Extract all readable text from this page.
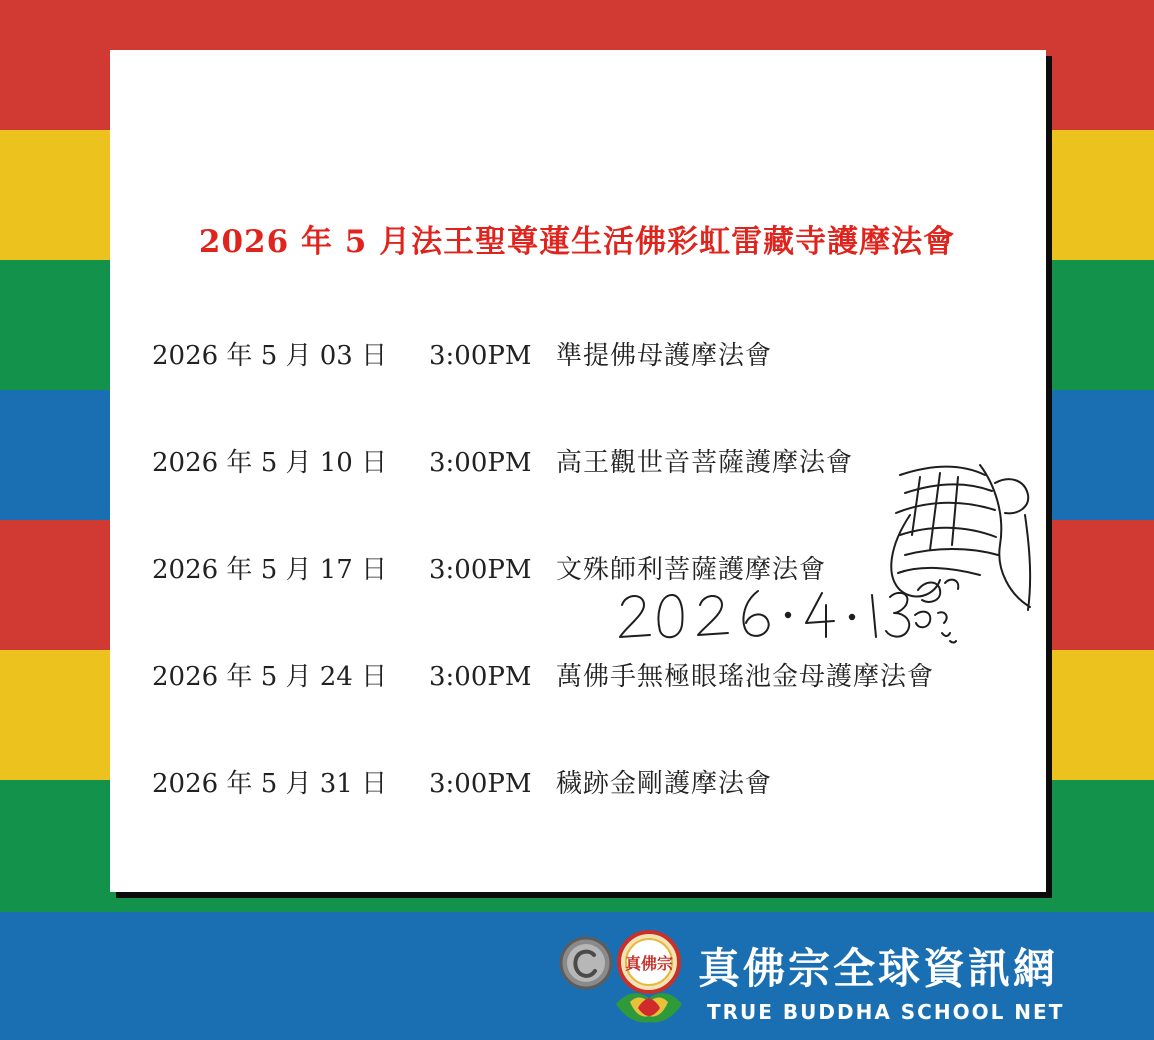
2026 年 5 月法王聖尊蓮生活佛彩虹雷藏寺護摩法會
2026 年 5 月 03 日 3:00PM 準提佛母護摩法會
2026 年 5 月 10 日 3:00PM 高王觀世音菩薩護摩法會
2026 年 5 月 17 日 3:00PM 文殊師利菩薩護摩法會
2026 年 5 月 24 日 3:00PM 萬佛手無極眼瑤池金母護摩法會
2026 年 5 月 31 日 3:00PM 穢跡金剛護摩法會
真佛宗 真佛宗全球資訊網
TRUE BUDDHA SCHOOL NET
